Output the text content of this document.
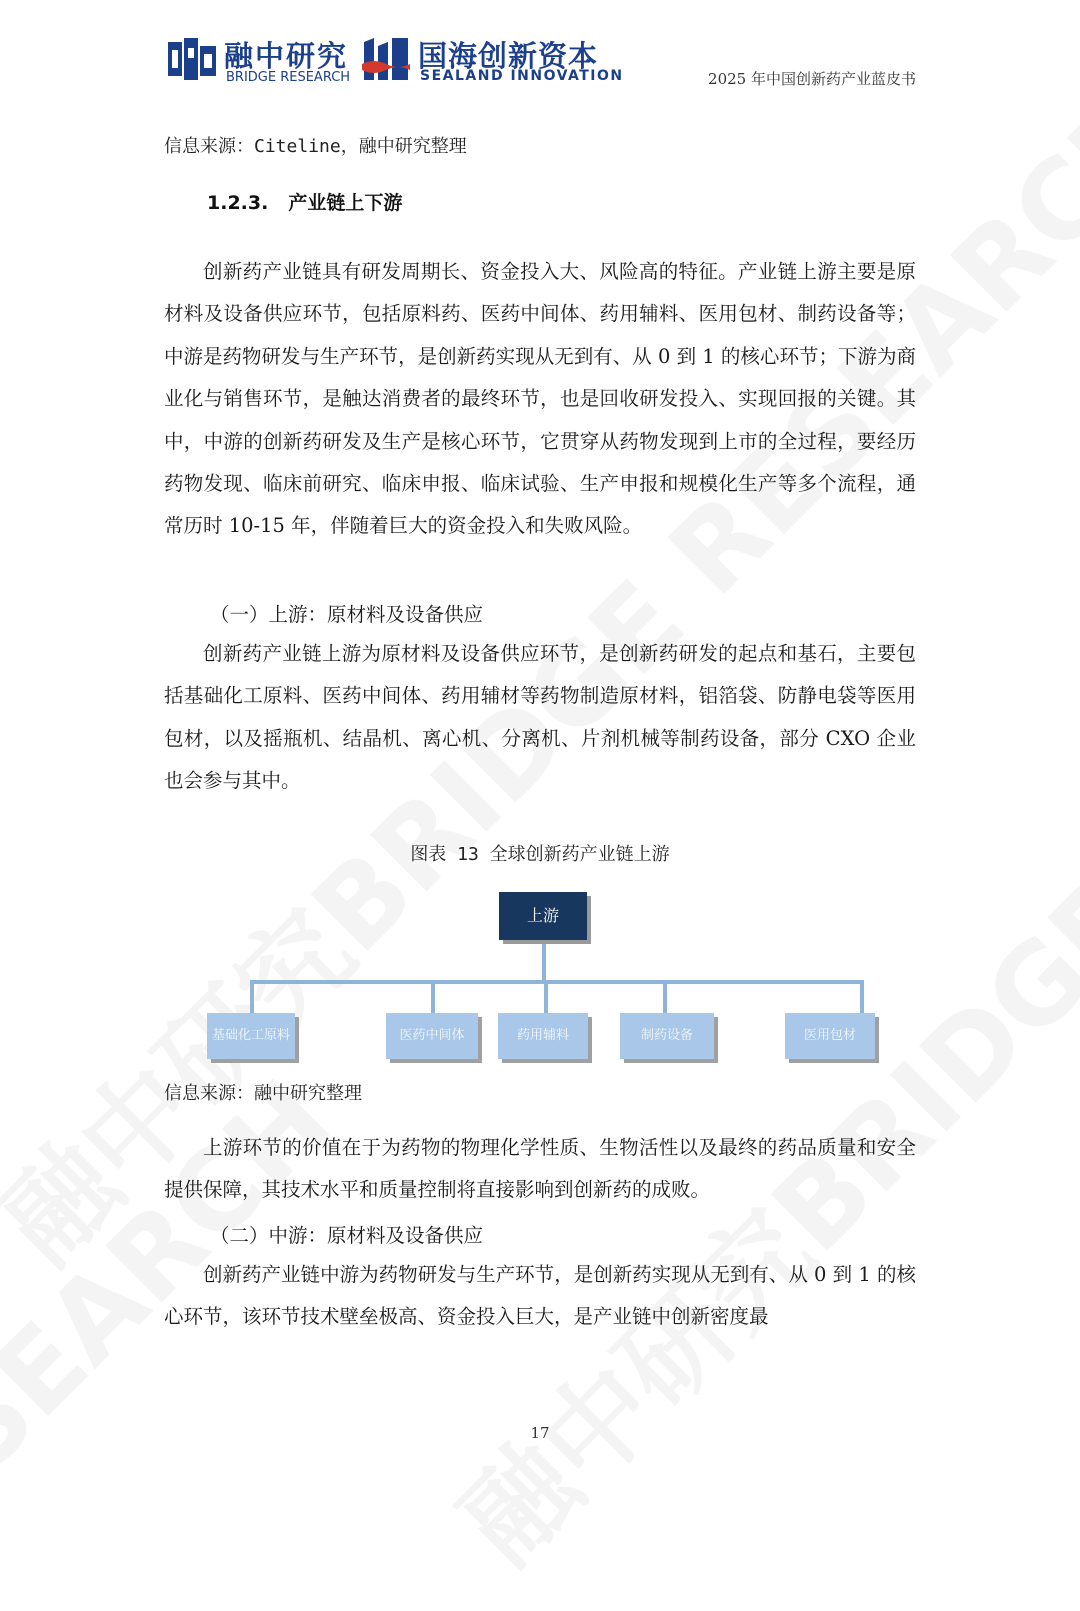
融中研究
BRIDGE RESEARCH
国海创新资本
SEALAND INNOVATION	2025 年中国创新药产业蓝皮书
信息来源：Citeline，融中研究整理
1.2.3. 产业链上下游

创新药产业链具有研发周期长、资金投入大、风险高的特征。产业链上游主要是原材料及设备供应环节，包括原料药、医药中间体、药用辅料、医用包材、制药设备等；中游是药物研发与生产环节，是创新药实现从无到有、从 0 到 1 的核心环节；下游为商业化与销售环节，是触达消费者的最终环节，也是回收研发投入、实现回报的关键。其中，中游的创新药研发及生产是核心环节，它贯穿从药物发现到上市的全过程，要经历药物发现、临床前研究、临床申报、临床试验、生产申报和规模化生产等多个流程，通常历时 10-15 年，伴随着巨大的资金投入和失败风险。

（一）上游：原材料及设备供应

创新药产业链上游为原材料及设备供应环节，是创新药研发的起点和基石，主要包括基础化工原料、医药中间体、药用辅材等药物制造原材料，铝箔袋、防静电袋等医用包材，以及摇瓶机、结晶机、离心机、分离机、片剂机械等制药设备，部分 CXO 企业也会参与其中。

图表 13 全球创新药产业链上游
上游
基础化工原料	医药中间体	药用辅料	制药设备	医用包材
信息来源：融中研究整理

上游环节的价值在于为药物的物理化学性质、生物活性以及最终的药品质量和安全提供保障，其技术水平和质量控制将直接影响到创新药的成败。

（二）中游：原材料及设备供应

创新药产业链中游为药物研发与生产环节，是创新药实现从无到有、从 0 到 1 的核心环节，该环节技术壁垒极高、资金投入巨大，是产业链中创新密度最

17
